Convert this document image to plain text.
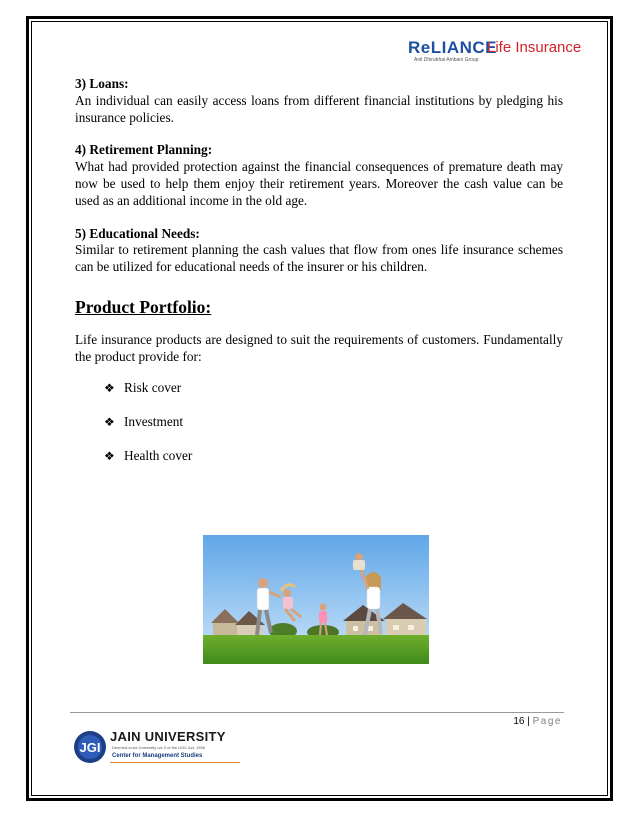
ReLIANCE
Life Insurance
Anil Dhirubhai Ambani Group

3) Loans:

An individual can easily access loans from different financial institutions by pledging his insurance policies.

4) Retirement Planning:

What had provided protection against the financial consequences of premature death may now be used to help them enjoy their retirement years. Moreover the cash value can be used as an additional income in the old age.

5) Educational Needs:

Similar to retirement planning the cash values that flow from ones life insurance schemes can be utilized for educational needs of the insurer or his children.

Product Portfolio:

Life insurance products are designed to suit the requirements of customers. Fundamentally the product provide for:

❖ Risk cover
❖ Investment
❖ Health cover
16 | Page
JGI
JAIN UNIVERSITY
Deemed-to-be University u/s 3 of the UGC Act, 1956
Center for Management Studies
